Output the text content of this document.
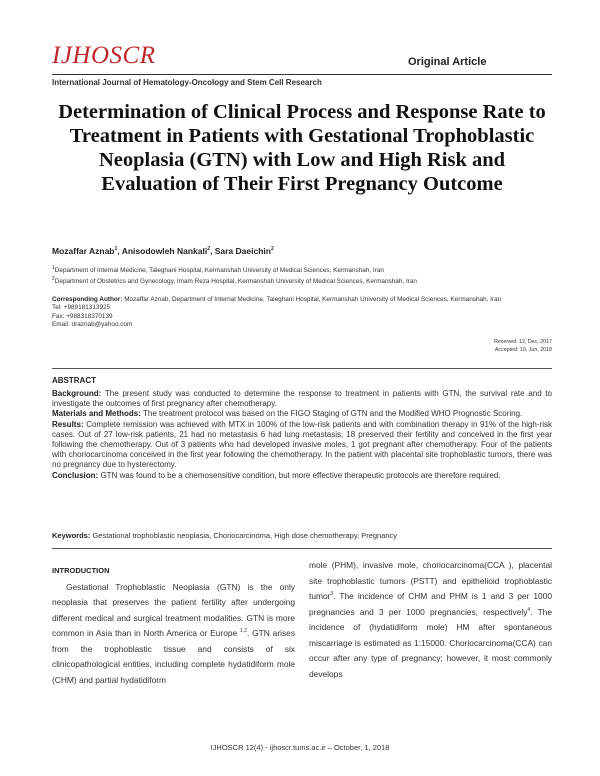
IJHOSCR	Original Article
International Journal of Hematology-Oncology and Stem Cell Research
Determination of Clinical Process and Response Rate to Treatment in Patients with Gestational Trophoblastic Neoplasia (GTN) with Low and High Risk and Evaluation of Their First Pregnancy Outcome
Mozaffar Aznab$^1$, Anisodowleh Nankali$^2$, Sara Daeichin$^2$
$^1$Department of Internal Medicine, Taleghani Hospital, Kermanshah University of Medical Sciences, Kermanshah, Iran
$^2$Department of Obstetrics and Gynecology, Imam Reza Hospital, Kermanshah University of Medical Sciences, Kermanshah, Iran
Corresponding Author: Mozaffar Aznab, Department of Internal Medicine, Taleghani Hospital, Kermanshah University of Medical Sciences, Kermanshah, Iran
Tel: +989181313925
Fax: +988318370139
Email: draznab@yahoo.com
Received: 12, Dec, 2017
Accepted: 10, Jun, 2018
ABSTRACT

Background: The present study was conducted to determine the response to treatment in patients with GTN, the survival rate and to investigate the outcomes of first pregnancy after chemotherapy.

Materials and Methods: The treatment protocol was based on the FIGO Staging of GTN and the Modified WHO Prognostic Scoring.

Results: Complete remission was achieved with MTX in 100% of the low-risk patients and with combination therapy in 91% of the high-risk cases. Out of 27 low-risk patients, 21 had no metastasis 6 had lung metastasis, 18 preserved their fertility and conceived in the first year following the chemotherapy. Out of 3 patients who had developed invasive moles, 1 got pregnant after chemotherapy. Four of the patients with choriocarcinoma conceived in the first year following the chemotherapy. In the patient with placental site trophoblastic tumors, there was no pregnancy due to hysterectomy.

Conclusion: GTN was found to be a chemosensitive condition, but more effective therapeutic protocols are therefore required.

Keywords: Gestational trophoblastic neoplasia, Choriocarcinoma, High dose chemotherapy, Pregnancy
INTRODUCTION

Gestational Trophoblastic Neoplasia (GTN) is the only neoplasia that preserves the patient fertility after undergoing different medical and surgical treatment modalities. GTN is more common in Asia than in North America or Europe $^{1,2}$. GTN arises from the trophoblastic tissue and consists of six clinicopathological entities, including complete hydatidiform mole (CHM) and partial hydatidiform

mole (PHM), invasive mole, choriocarcinoma(CCA ), placental site trophoblastic tumors (PSTT) and epithelioid trophoblastic tumor$^3$. The incidence of CHM and PHM is 1 and 3 per 1000 pregnancies and 3 per 1000 pregnancies, respectively$^4$. The incidence of (hydatidiform mole) HM after spontaneous miscarriage is estimated as 1:15000. Choriocarcinoma(CCA) can occur after any type of pregnancy; however, it most commonly develops

IJHOSCR 12(4) - ijhoscr.tums.ac.ir – October, 1, 2018
